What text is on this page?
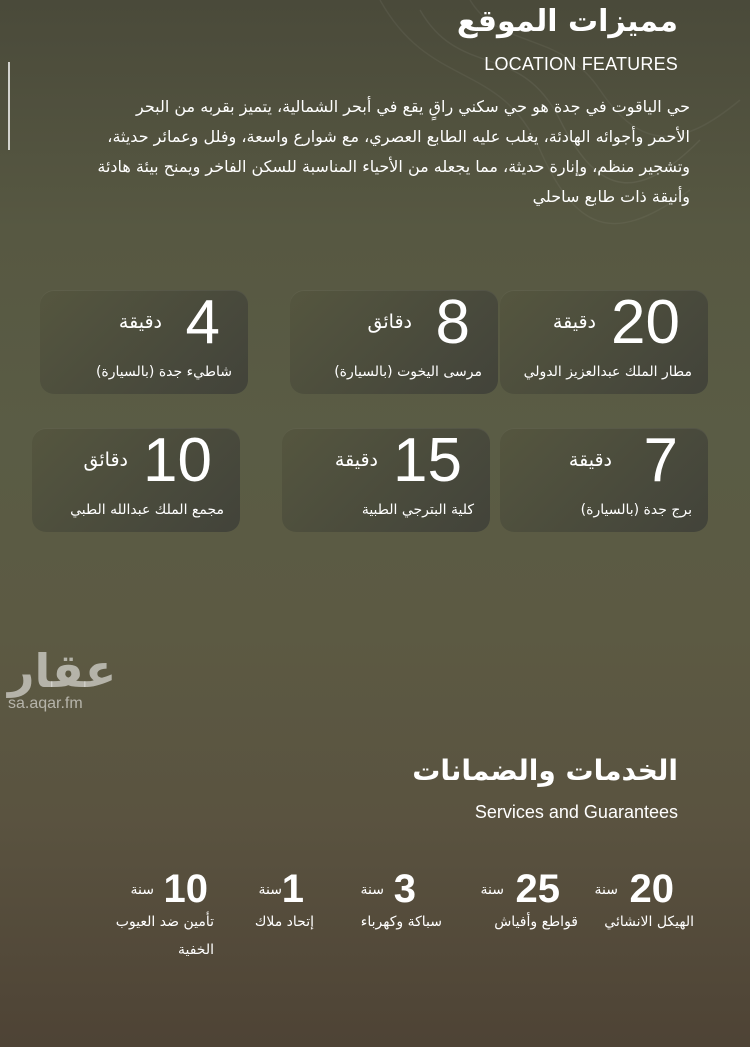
مميزات الموقع
LOCATION FEATURES
حي الياقوت في جدة هو حي سكني راقٍ يقع في أبحر الشمالية، يتميز بقربه من البحر الأحمر وأجوائه الهادئة، يغلب عليه الطابع العصري، مع شوارع واسعة، وفلل وعمائر حديثة، وتشجير منظم، وإنارة حديثة، مما يجعله من الأحياء المناسبة للسكن الفاخر ويمنح بيئة هادئة وأنيقة ذات طابع ساحلي
20
دقيقة
مطار الملك عبدالعزيز الدولي
8
دقائق
مرسى اليخوت (بالسيارة)
4
دقيقة
شاطيء جدة (بالسيارة)
7
دقيقة
برج جدة (بالسيارة)
15
دقيقة
كلية البترجي الطبية
10
دقائق
مجمع الملك عبدالله الطبي
عقار
sa.aqar.fm
الخدمات والضمانات
Services and Guarantees
20
سنة
الهيكل الانشائي
25
سنة
قواطع وأفياش
3
سنة
سباكة وكهرباء
1
سنة
إتحاد ملاك
10
سنة
تأمين ضد العيوب الخفية
